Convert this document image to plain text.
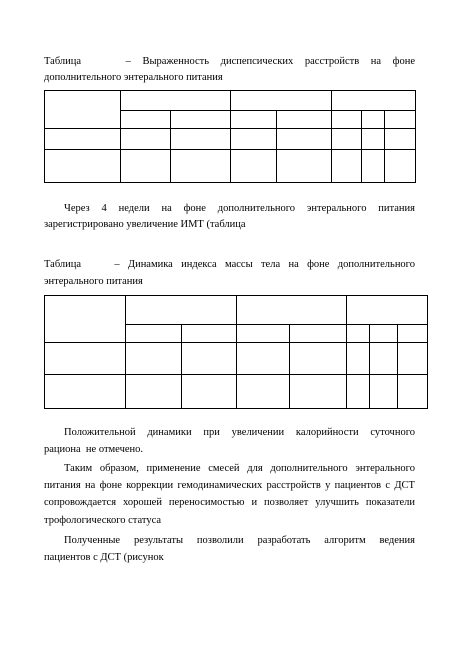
Таблица	– Выраженность диспепсических расстройств на фоне
дополнительного энтерального питания

Через 4 недели на фоне дополнительного энтерального питания
зарегистрировано увеличение ИМТ (таблица
Таблица	– Динамика индекса массы тела на фоне дополнительного
энтерального питания

Положительной динамики при увеличении калорийности суточного
рациона  не отмечено.
Таким образом, применение смесей для дополнительного энтерального
питания на фоне коррекции гемодинамических расстройств у пациентов с ДСТ
сопровождается хорошей переносимостью и позволяет улучшить показатели
трофологического статуса
Полученные результаты позволили разработать алгоритм ведения
пациентов с ДСТ (рисунок
